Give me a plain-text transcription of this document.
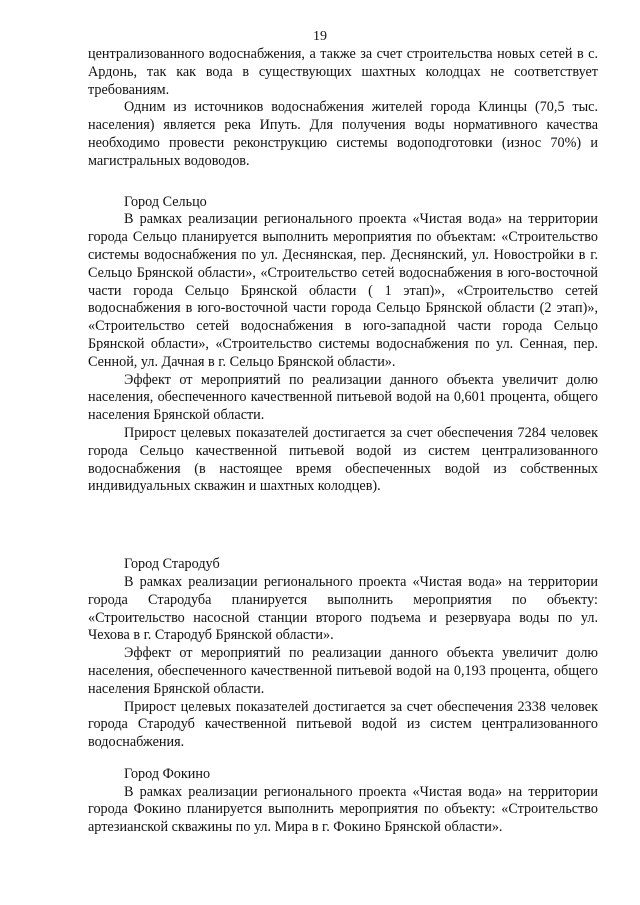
19

централизованного водоснабжения, а также за счет строительства новых сетей в с. Ардонь, так как вода в существующих шахтных колодцах не соответствует требованиям.

Одним из источников водоснабжения жителей города Клинцы (70,5 тыс. населения) является река Ипуть. Для получения воды нормативного качества необходимо провести реконструкцию системы водоподготовки (износ 70%) и магистральных водоводов.

Город Сельцо

В рамках реализации регионального проекта «Чистая вода» на территории города Сельцо планируется выполнить мероприятия по объектам: «Строительство системы водоснабжения по ул. Деснянская, пер. Деснянский, ул. Новостройки в г. Сельцо Брянской области», «Строительство сетей водоснабжения в юго-восточной части города Сельцо Брянской области ( 1 этап)», «Строительство сетей водоснабжения в юго-восточной части города Сельцо Брянской области (2 этап)», «Строительство сетей водоснабжения в юго-западной части города Сельцо Брянской области», «Строительство системы водоснабжения по ул. Сенная, пер. Сенной, ул. Дачная в г. Сельцо Брянской области».

Эффект от мероприятий по реализации данного объекта увеличит долю населения, обеспеченного качественной питьевой водой на 0,601 процента, общего населения Брянской области.

Прирост целевых показателей достигается за счет обеспечения 7284 человек города Сельцо качественной питьевой водой из систем централизованного водоснабжения (в настоящее время обеспеченных водой из собственных индивидуальных скважин и шахтных колодцев).

Город Стародуб

В рамках реализации регионального проекта «Чистая вода» на территории города Стародуба планируется выполнить мероприятия по объекту: «Строительство насосной станции второго подъема и резервуара воды по ул. Чехова в г. Стародуб Брянской области».

Эффект от мероприятий по реализации данного объекта увеличит долю населения, обеспеченного качественной питьевой водой на 0,193 процента, общего населения Брянской области.

Прирост целевых показателей достигается за счет обеспечения 2338 человек города Стародуб качественной питьевой водой из систем централизованного водоснабжения.

Город Фокино

В рамках реализации регионального проекта «Чистая вода» на территории города Фокино планируется выполнить мероприятия по объекту: «Строительство артезианской скважины по ул. Мира в г. Фокино Брянской области».
